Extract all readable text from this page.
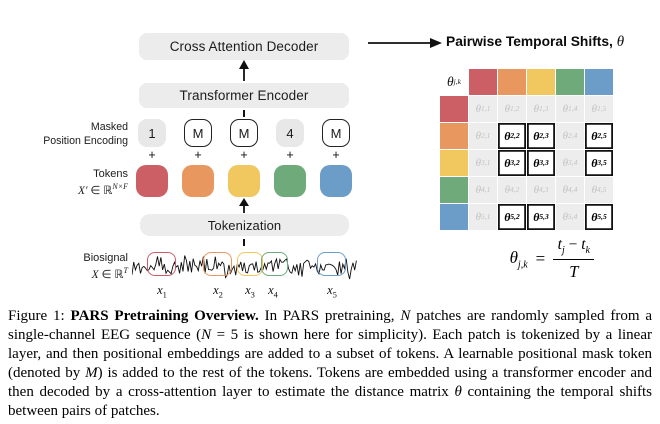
Cross Attention Decoder
Transformer Encoder
Masked
Position Encoding
1	M	M	4	M
+	+	+	+	+
Tokens
X′ ∈ ℝ$^{N\times F}$
Tokenization
Biosignal
X ∈ ℝ$^T$
$x_1$	$x_2$	$x_3$	$x_4$	$x_5$
Pairwise Temporal Shifts, θ
θ j,k
θ 1,1 θ 1,2 θ 1,3 θ 1,4 θ 1,5
θ 2,1 θ 2,2 θ 2,3 θ 2,4 θ 2,5
θ 3,1 θ 3,2 θ 3,3 θ 3,4 θ 3,5
θ 4,1 θ 4,2 θ 4,3 θ 4,4 θ 4,5
θ 5,1 θ 5,2 θ 5,3 θ 5,4 θ 5,5
$\theta_{j,k} = \frac{t_j - t_k}{T}$
Figure 1: PARS Pretraining Overview. In PARS pretraining, N patches are randomly sampled from a single-channel EEG sequence (N = 5 is shown here for simplicity). Each patch is tokenized by a linear layer, and then positional embeddings are added to a subset of tokens. A learnable positional mask token (denoted by M) is added to the rest of the tokens. Tokens are embedded using a transformer encoder and then decoded by a cross-attention layer to estimate the distance matrix θ containing the temporal shifts between pairs of patches.
